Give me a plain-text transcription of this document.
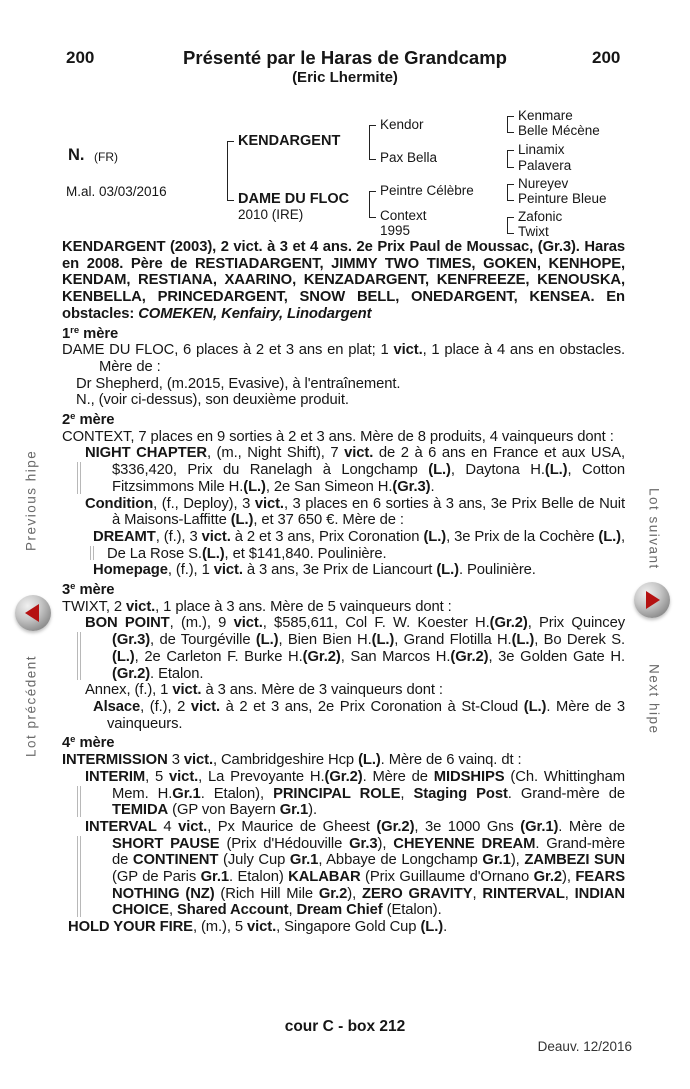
200	Présenté par le Haras de Grandcamp
(Eric Lhermite)
200
N. (FR)
M.al. 03/03/2016
KENDARGENT
DAME DU FLOC
2010 (IRE)
Kendor
Pax Bella
Peintre Célèbre
Context
1995
Kenmare
Belle Mécène
Linamix
Palavera
Nureyev
Peinture Bleue
Zafonic
Twixt
KENDARGENT (2003), 2 vict. à 3 et 4 ans. 2e Prix Paul de Moussac, (Gr.3). Haras en 2008. Père de RESTIADARGENT, JIMMY TWO TIMES, GOKEN, KENHOPE, KENDAM, RESTIANA, XAARINO, KENZADARGENT, KENFREEZE, KENOUSKA, KENBELLA, PRINCEDARGENT, SNOW BELL, ONEDARGENT, KENSEA. En obstacles: COMEKEN, Kenfairy, Linodargent
1re mère
DAME DU FLOC, 6 places à 2 et 3 ans en plat; 1 vict., 1 place à 4 ans en obstacles. Mère de :
Dr Shepherd, (m.2015, Evasive), à l'entraînement.
N., (voir ci-dessus), son deuxième produit.
2e mère
CONTEXT, 7 places en 9 sorties à 2 et 3 ans. Mère de 8 produits, 4 vainqueurs dont :
NIGHT CHAPTER, (m., Night Shift), 7 vict. de 2 à 6 ans en France et aux USA, $336,420, Prix du Ranelagh à Longchamp (L.), Daytona H.(L.), Cotton Fitzsimmons Mile H.(L.), 2e San Simeon H.(Gr.3).
Condition, (f., Deploy), 3 vict., 3 places en 6 sorties à 3 ans, 3e Prix Belle de Nuit à Maisons-Laffitte (L.), et 37 650 €. Mère de :
DREAMT, (f.), 3 vict. à 2 et 3 ans, Prix Coronation (L.), 3e Prix de la Cochère (L.), De La Rose S.(L.), et $141,840. Poulinière.
Homepage, (f.), 1 vict. à 3 ans, 3e Prix de Liancourt (L.). Poulinière.
3e mère
TWIXT, 2 vict., 1 place à 3 ans. Mère de 5 vainqueurs dont :
BON POINT, (m.), 9 vict., $585,611, Col F. W. Koester H.(Gr.2), Prix Quincey (Gr.3), de Tourgéville (L.), Bien Bien H.(L.), Grand Flotilla H.(L.), Bo Derek S.(L.), 2e Carleton F. Burke H.(Gr.2), San Marcos H.(Gr.2), 3e Golden Gate H.(Gr.2). Etalon.
Annex, (f.), 1 vict. à 3 ans. Mère de 3 vainqueurs dont :
Alsace, (f.), 2 vict. à 2 et 3 ans, 2e Prix Coronation à St-Cloud (L.). Mère de 3 vainqueurs.
4e mère
INTERMISSION 3 vict., Cambridgeshire Hcp (L.). Mère de 6 vainq. dt :
INTERIM, 5 vict., La Prevoyante H.(Gr.2). Mère de MIDSHIPS (Ch. Whittingham Mem. H.Gr.1. Etalon), PRINCIPAL ROLE, Staging Post. Grand-mère de TEMIDA (GP von Bayern Gr.1).
INTERVAL 4 vict., Px Maurice de Gheest (Gr.2), 3e 1000 Gns (Gr.1). Mère de SHORT PAUSE (Prix d'Hédouville Gr.3), CHEYENNE DREAM. Grand-mère de CONTINENT (July Cup Gr.1, Abbaye de Longchamp Gr.1), ZAMBEZI SUN (GP de Paris Gr.1. Etalon) KALABAR (Prix Guillaume d'Ornano Gr.2), FEARS NOTHING (NZ) (Rich Hill Mile Gr.2), ZERO GRAVITY, RINTERVAL, INDIAN CHOICE, Shared Account, Dream Chief (Etalon).
HOLD YOUR FIRE, (m.), 5 vict., Singapore Gold Cup (L.).
cour C - box 212
Deauv. 12/2016
Previous hipe
Lot précédent
Lot suivant
Next hipe
